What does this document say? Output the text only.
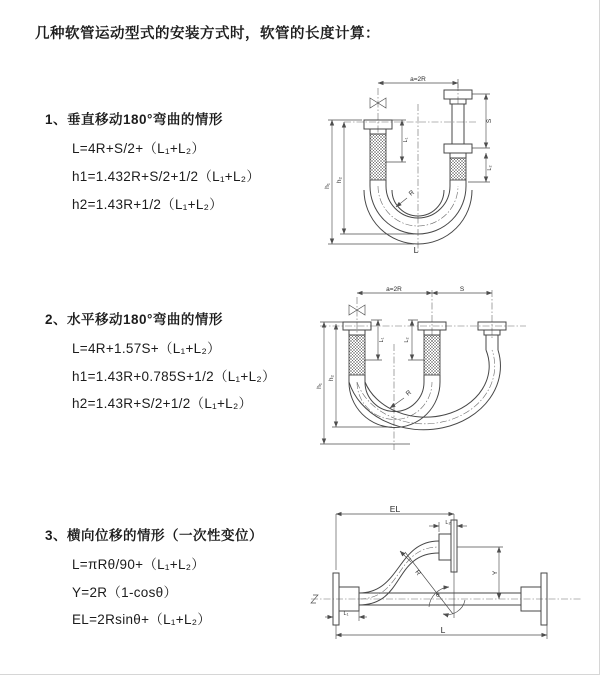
几种软管运动型式的安装方式时，软管的长度计算：
1、垂直移动180°弯曲的情形
L=4R+S/2+（L₁+L₂）
h1=1.432R+S/2+1/2（L₁+L₂）
h2=1.43R+1/2（L₁+L₂）
2、水平移动180°弯曲的情形
L=4R+1.57S+（L₁+L₂）
h1=1.43R+0.785S+1/2（L₁+L₂）
h2=1.43R+S/2+1/2（L₁+L₂）
3、横向位移的情形（一次性变位）
L=πRθ/90+（L₁+L₂）
Y=2R（1-cosθ）
EL=2Rsinθ+（L₁+L₂）
a=2R
R
h₁
h₂
L₁
S
L₂
L
a=2R	S
R
h₁
h₂
L₁	L₂
R
θ
EL
L₂
Y
L
L₁
